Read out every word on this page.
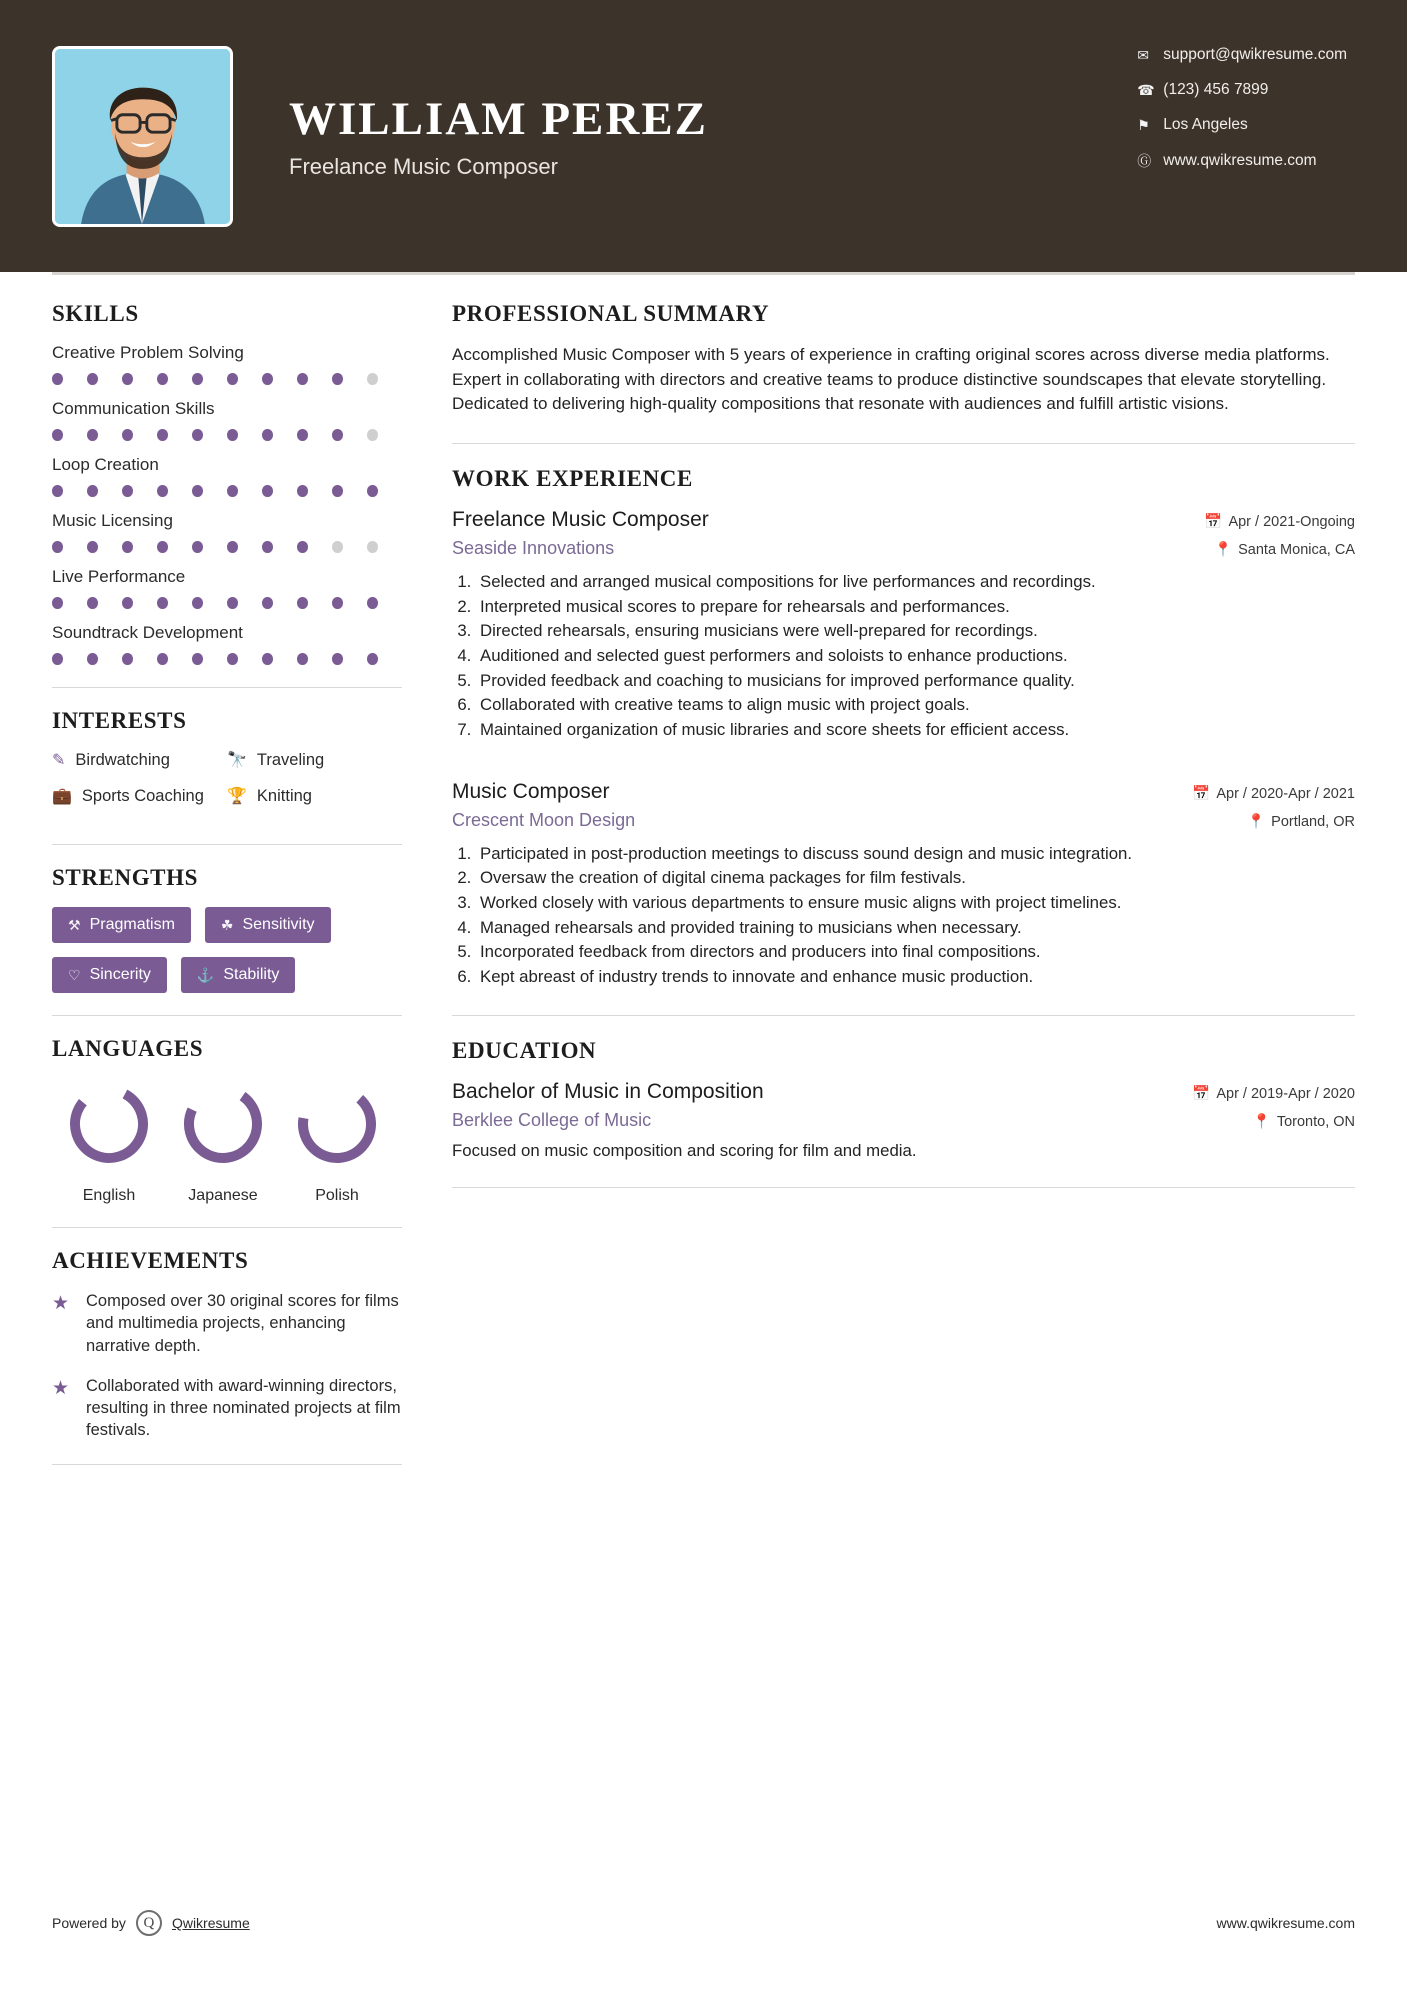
WILLIAM PEREZ
Freelance Music Composer
✉ support@qwikresume.com
☎ (123) 456 7899
⚑ Los Angeles
Ⓖ www.qwikresume.com
SKILLS
Creative Problem Solving
Communication Skills
Loop Creation
Music Licensing
Live Performance
Soundtrack Development
INTERESTS
✎ Birdwatching	🔭 Traveling
💼 Sports Coaching 🏆 Knitting
STRENGTHS
⚒ Pragmatism	☘ Sensitivity
♡ Sincerity	⚓ Stability
LANGUAGES
English	Japanese	Polish
ACHIEVEMENTS
★	Composed over 30 original scores for films and multimedia projects, enhancing narrative depth.
★	Collaborated with award-winning directors, resulting in three nominated projects at film festivals.
PROFESSIONAL SUMMARY
Accomplished Music Composer with 5 years of experience in crafting original scores across diverse media platforms. Expert in collaborating with directors and creative teams to produce distinctive soundscapes that elevate storytelling. Dedicated to delivering high-quality compositions that resonate with audiences and fulfill artistic visions.
WORK EXPERIENCE
Freelance Music Composer	📅 Apr / 2021-Ongoing
Seaside Innovations	📍 Santa Monica, CA
1. Selected and arranged musical compositions for live performances and recordings.
2. Interpreted musical scores to prepare for rehearsals and performances.
3. Directed rehearsals, ensuring musicians were well-prepared for recordings.
4. Auditioned and selected guest performers and soloists to enhance productions.
5. Provided feedback and coaching to musicians for improved performance quality.
6. Collaborated with creative teams to align music with project goals.
7. Maintained organization of music libraries and score sheets for efficient access.
Music Composer	📅 Apr / 2020-Apr / 2021
Crescent Moon Design	📍 Portland, OR
1. Participated in post-production meetings to discuss sound design and music integration.
2. Oversaw the creation of digital cinema packages for film festivals.
3. Worked closely with various departments to ensure music aligns with project timelines.
4. Managed rehearsals and provided training to musicians when necessary.
5. Incorporated feedback from directors and producers into final compositions.
6. Kept abreast of industry trends to innovate and enhance music production.
EDUCATION
Bachelor of Music in Composition	📅 Apr / 2019-Apr / 2020
Berklee College of Music	📍 Toronto, ON
Focused on music composition and scoring for film and media.
Powered by	Q	Qwikresume	www.qwikresume.com
